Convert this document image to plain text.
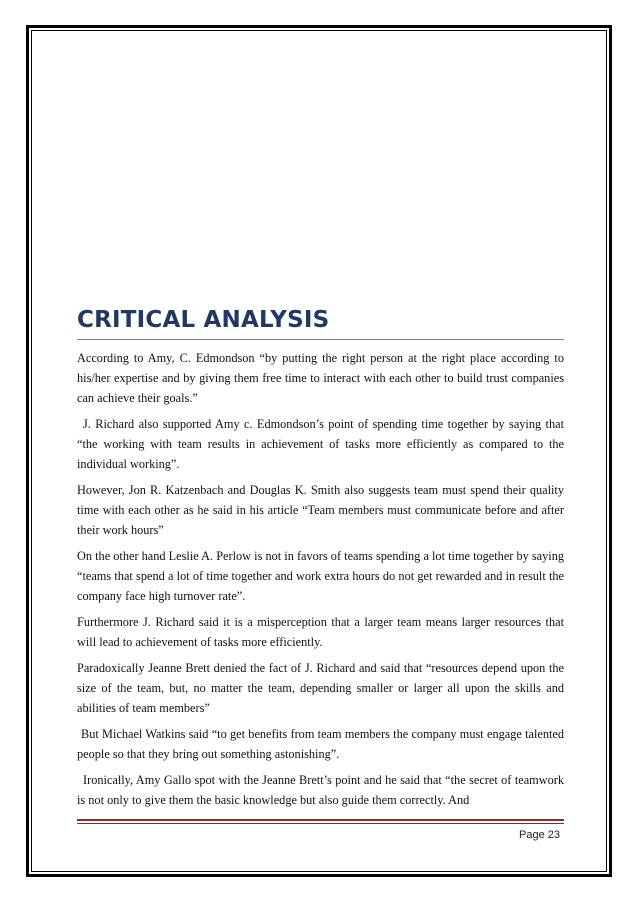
CRITICAL ANALYSIS

According to Amy, C. Edmondson “by putting the right person at the right place according to his/her expertise and by giving them free time to interact with each other to build trust companies can achieve their goals.”

J. Richard also supported Amy c. Edmondson’s point of spending time together by saying that “the working with team results in achievement of tasks more efficiently as compared to the individual working”.

However, Jon R. Katzenbach and Douglas K. Smith also suggests team must spend their quality time with each other as he said in his article “Team members must communicate before and after their work hours”

On the other hand Leslie A. Perlow is not in favors of teams spending a lot time together by saying “teams that spend a lot of time together and work extra hours do not get rewarded and in result the company face high turnover rate”.

Furthermore J. Richard said it is a misperception that a larger team means larger resources that will lead to achievement of tasks more efficiently.

Paradoxically Jeanne Brett denied the fact of J. Richard and said that “resources depend upon the size of the team, but, no matter the team, depending smaller or larger all upon the skills and abilities of team members”

But Michael Watkins said “to get benefits from team members the company must engage talented people so that they bring out something astonishing”.

Ironically, Amy Gallo spot with the Jeanne Brett’s point and he said that “the secret of teamwork is not only to give them the basic knowledge but also guide them correctly. And

Page 23
